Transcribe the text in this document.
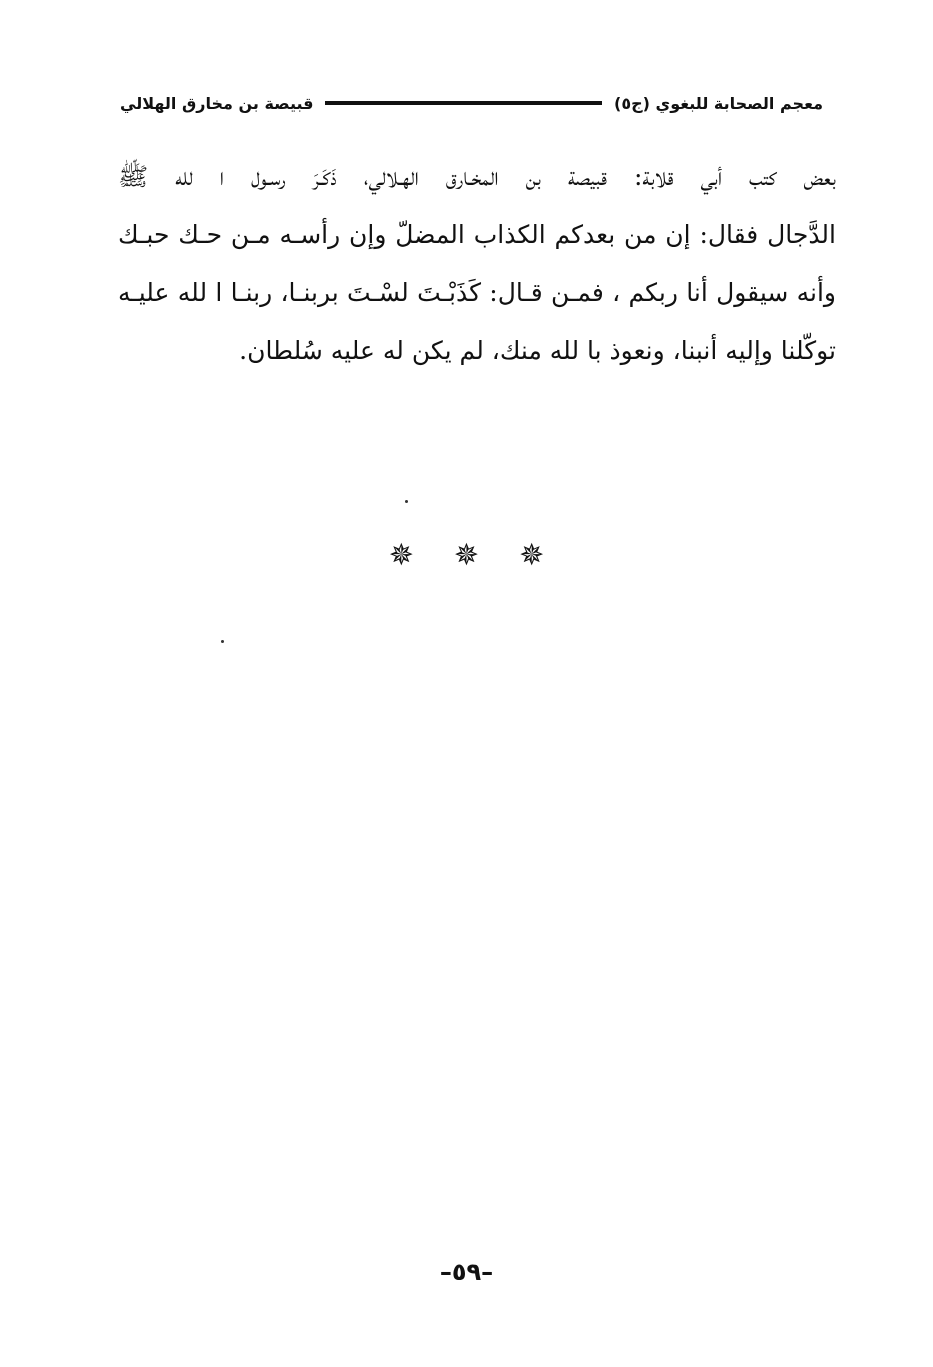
معجم الصحابة للبغوي (ج٥)
قبيصة بن مخارق الهلالي
بعض كتب أبي قلابة: قبيصة بن المخـارق الهـلالي، ذَكَـرَ رسـول ا لله ﷺ
الدَّجال فقال: إن من بعدكم الكذاب المضلّ وإن رأسـه مـن حـك حبـك
وأنه سيقول أنا ربكم ، فمـن قـال: كَذَبْـتَ لسْـتَ بربنـا، ربنـا ا لله عليـه
توكّلنا وإليه أنبنا، ونعوذ با لله منك، لم يكن له عليه سُلطان.
✵ ✵ ✵
–٥٩–
